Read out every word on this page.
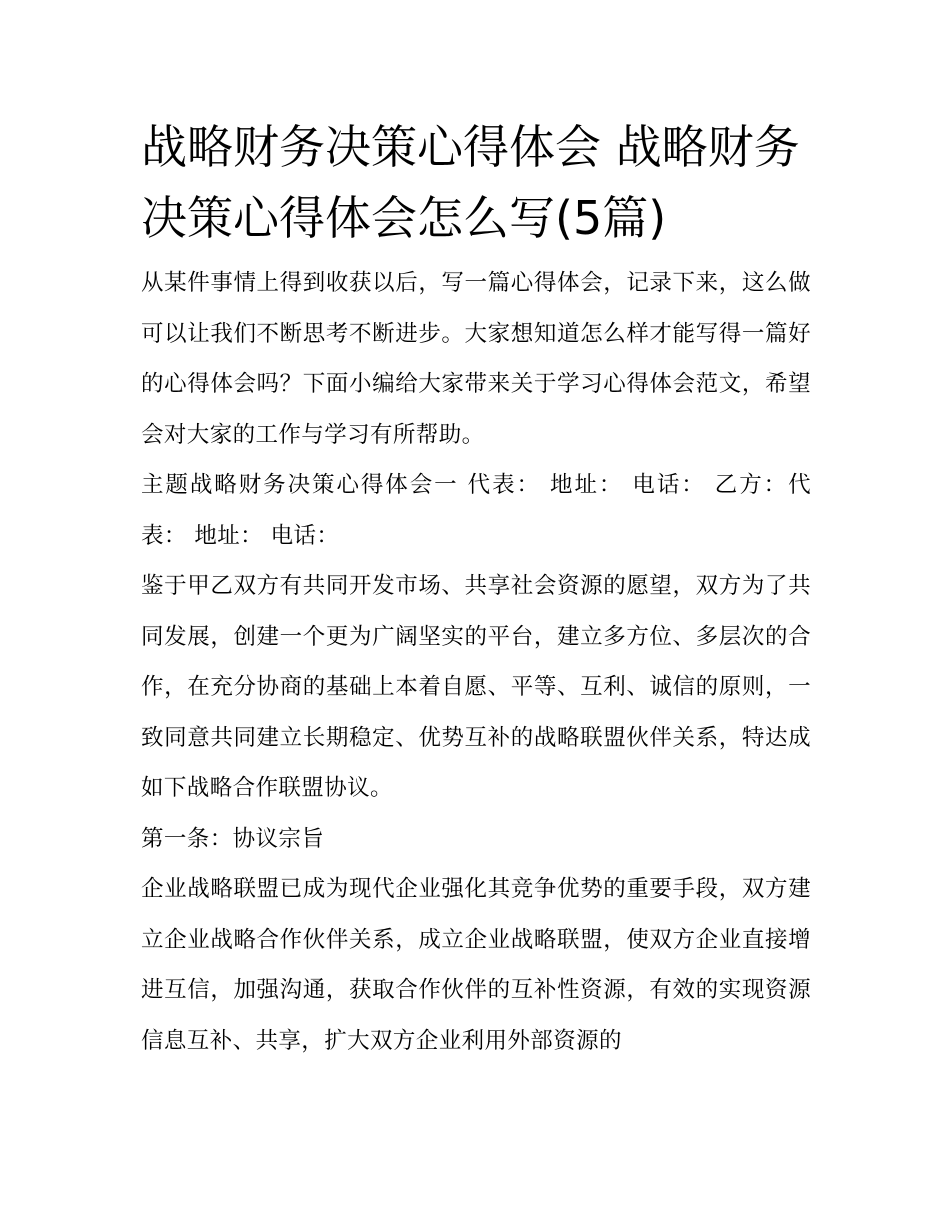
战略财务决策心得体会 战略财务决策心得体会怎么写(5篇)

从某件事情上得到收获以后，写一篇心得体会，记录下来，这么做可以让我们不断思考不断进步。大家想知道怎么样才能写得一篇好的心得体会吗？下面小编给大家带来关于学习心得体会范文，希望会对大家的工作与学习有所帮助。

主题战略财务决策心得体会一 代表： 地址： 电话： 乙方：代表： 地址： 电话：

鉴于甲乙双方有共同开发市场、共享社会资源的愿望，双方为了共同发展，创建一个更为广阔坚实的平台，建立多方位、多层次的合作，在充分协商的基础上本着自愿、平等、互利、诚信的原则，一致同意共同建立长期稳定、优势互补的战略联盟伙伴关系，特达成如下战略合作联盟协议。

第一条：协议宗旨

企业战略联盟已成为现代企业强化其竞争优势的重要手段，双方建立企业战略合作伙伴关系，成立企业战略联盟，使双方企业直接增进互信，加强沟通，获取合作伙伴的互补性资源，有效的实现资源信息互补、共享，扩大双方企业利用外部资源的
